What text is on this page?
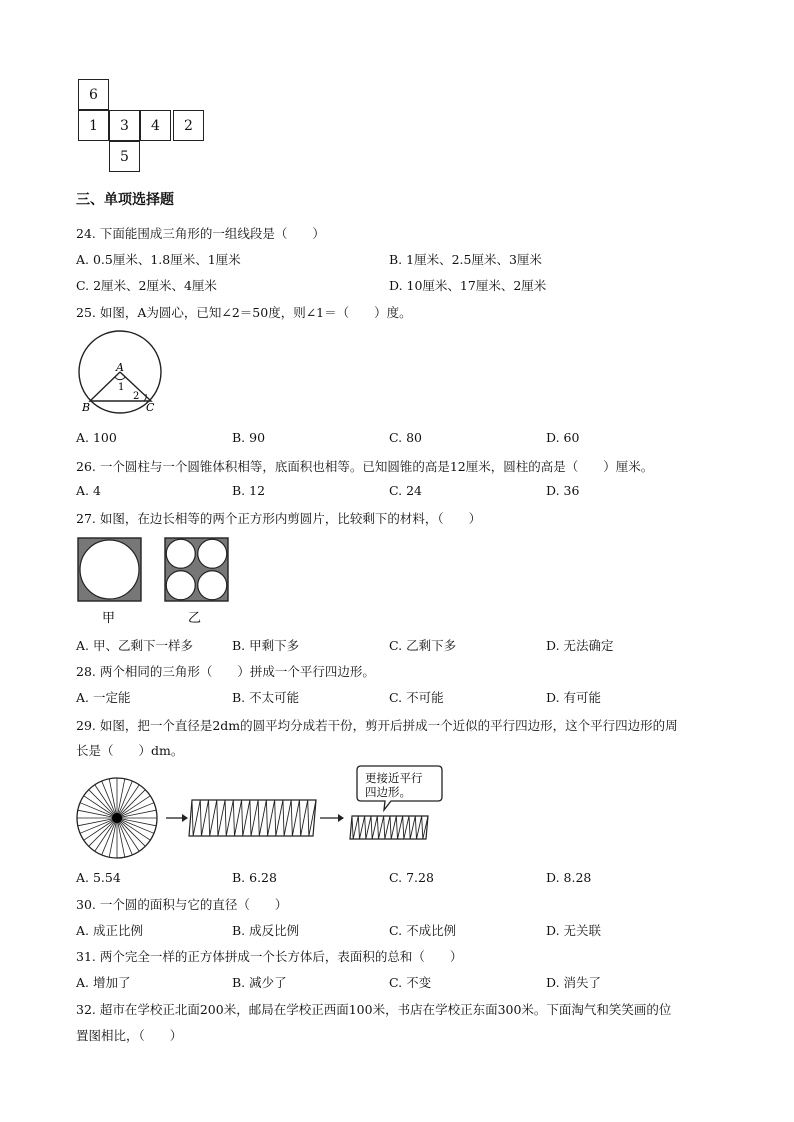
6
1	3	4	2
5
三、单项选择题
24. 下面能围成三角形的一组线段是（　　）
A. 0.5厘米、1.8厘米、1厘米	B. 1厘米、2.5厘米、3厘米
C. 2厘米、2厘米、4厘米	D. 10厘米、17厘米、2厘米
25. 如图，A为圆心，已知∠2＝50度，则∠1＝（　　）度。
A
1
2
B	C
A. 100	B. 90	C. 80	D. 60
26. 一个圆柱与一个圆锥体积相等，底面积也相等。已知圆锥的高是12厘米，圆柱的高是（　　）厘米。
A. 4	B. 12	C. 24	D. 36
27. 如图，在边长相等的两个正方形内剪圆片，比较剩下的材料，（　　）
甲	乙
A. 甲、乙剩下一样多	B. 甲剩下多	C. 乙剩下多	D. 无法确定
28. 两个相同的三角形（　　）拼成一个平行四边形。
A. 一定能	B. 不太可能	C. 不可能	D. 有可能
29. 如图，把一个直径是2dm的圆平均分成若干份，剪开后拼成一个近似的平行四边形，这个平行四边形的周
长是（　　）dm。
更接近平行
四边形。
A. 5.54	B. 6.28	C. 7.28	D. 8.28
30. 一个圆的面积与它的直径（　　）
A. 成正比例	B. 成反比例	C. 不成比例	D. 无关联
31. 两个完全一样的正方体拼成一个长方体后，表面积的总和（　　）
A. 增加了	B. 减少了	C. 不变	D. 消失了
32. 超市在学校正北面200米，邮局在学校正西面100米，书店在学校正东面300米。下面淘气和笑笑画的位
置图相比，（　　）
